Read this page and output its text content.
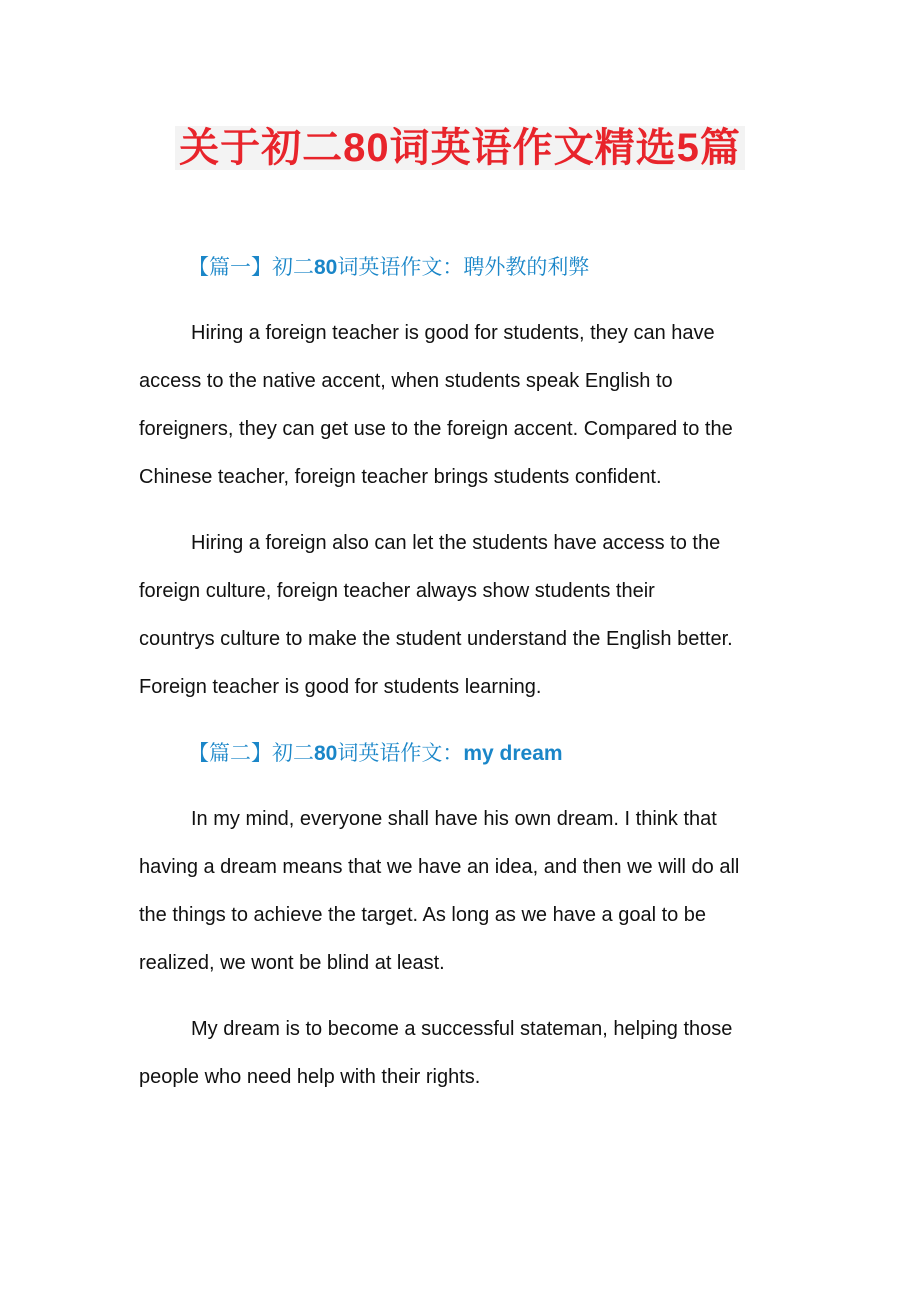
关于初二80词英语作文精选5篇
【篇一】初二80词英语作文：聘外教的利弊
Hiring a foreign teacher is good for students, they can have
access to the native accent, when students speak English to
foreigners, they can get use to the foreign accent. Compared to the
Chinese teacher, foreign teacher brings students confident.
Hiring a foreign also can let the students have access to the
foreign culture, foreign teacher always show students their
countrys culture to make the student understand the English better.
Foreign teacher is good for students learning.
【篇二】初二80词英语作文：my dream
In my mind, everyone shall have his own dream. I think that
having a dream means that we have an idea, and then we will do all
the things to achieve the target. As long as we have a goal to be
realized, we wont be blind at least.
My dream is to become a successful stateman, helping those
people who need help with their rights.
